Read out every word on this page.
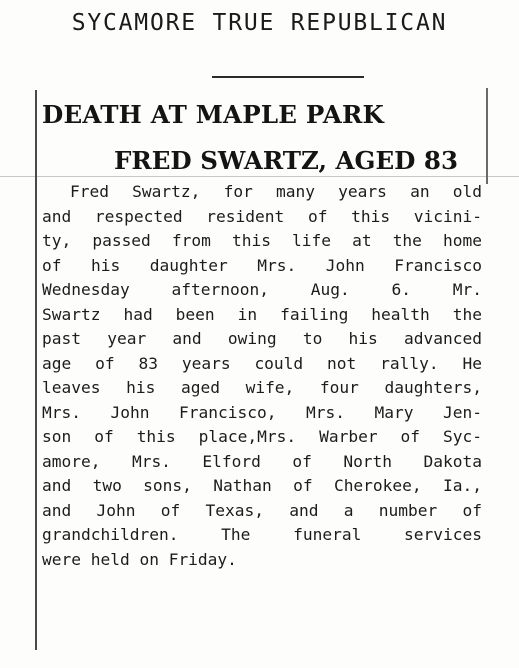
SYCAMORE TRUE REPUBLICAN
DEATH AT MAPLE PARK
FRED SWARTZ, AGED 83
Fred Swartz, for many years an old
and respected resident of this vicini-
ty, passed from this life at the home
of his daughter Mrs. John Francisco
Wednesday afternoon, Aug. 6. Mr.
Swartz had been in failing health the
past year and owing to his advanced
age of 83 years could not rally. He
leaves his aged wife, four daughters,
Mrs. John Francisco, Mrs. Mary Jen-
son of this place,Mrs. Warber of Syc-
amore, Mrs. Elford of North Dakota
and two sons, Nathan of Cherokee, Ia.,
and John of Texas, and a number of
grandchildren. The funeral services
were held on Friday.
